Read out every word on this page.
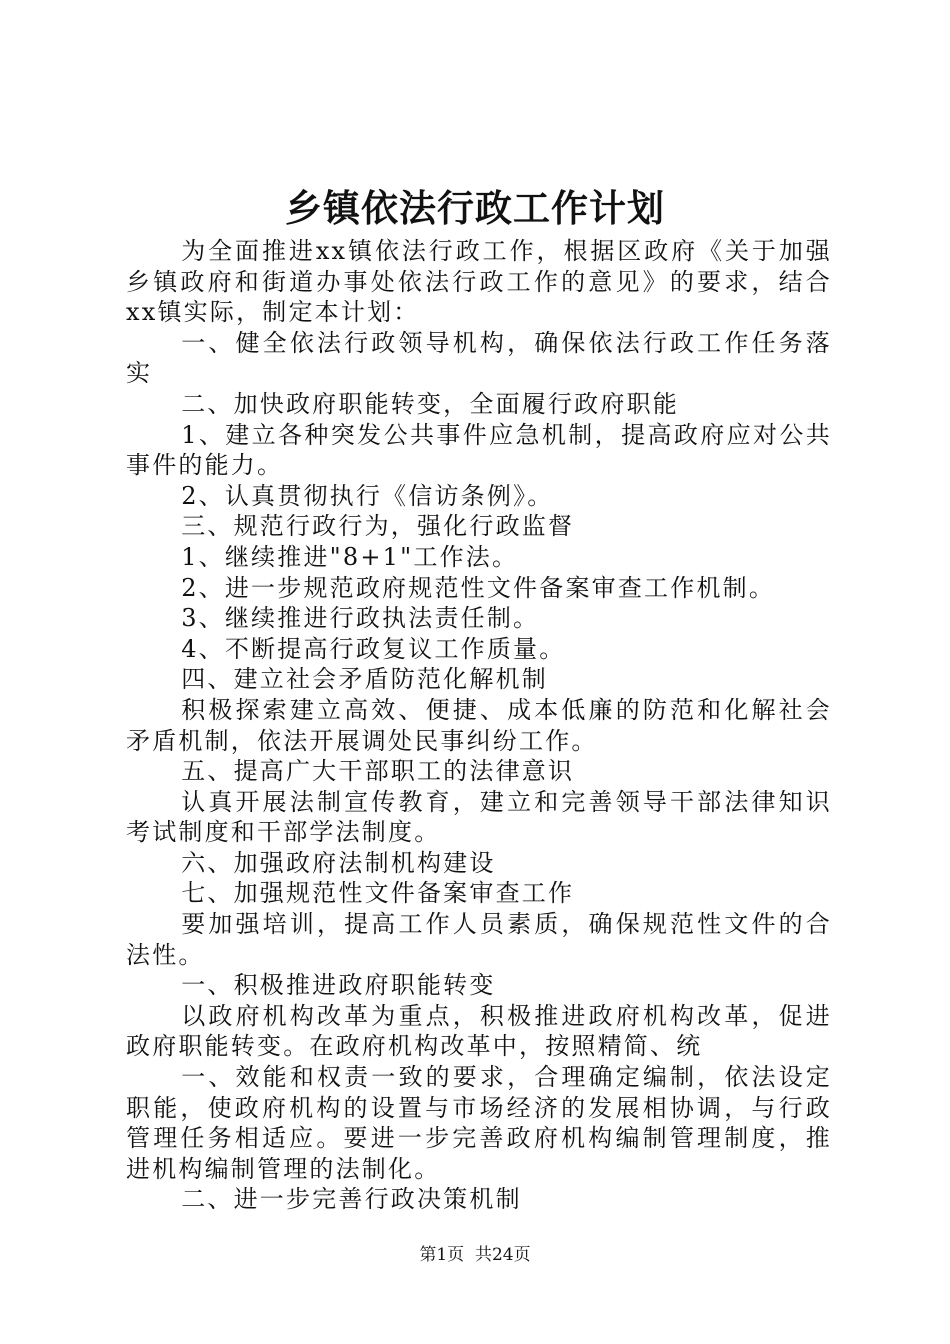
乡镇依法行政工作计划

为全面推进xx镇依法行政工作，根据区政府《关于加强乡镇政府和街道办事处依法行政工作的意见》的要求，结合xx镇实际，制定本计划：

一、健全依法行政领导机构，确保依法行政工作任务落实

二、加快政府职能转变，全面履行政府职能

1、建立各种突发公共事件应急机制，提高政府应对公共事件的能力。

2、认真贯彻执行《信访条例》。

三、规范行政行为，强化行政监督

1、继续推进"8+1"工作法。

2、进一步规范政府规范性文件备案审查工作机制。

3、继续推进行政执法责任制。

4、不断提高行政复议工作质量。

四、建立社会矛盾防范化解机制

积极探索建立高效、便捷、成本低廉的防范和化解社会矛盾机制，依法开展调处民事纠纷工作。

五、提高广大干部职工的法律意识

认真开展法制宣传教育，建立和完善领导干部法律知识考试制度和干部学法制度。

六、加强政府法制机构建设

七、加强规范性文件备案审查工作

要加强培训，提高工作人员素质，确保规范性文件的合法性。

一、积极推进政府职能转变

以政府机构改革为重点，积极推进政府机构改革，促进政府职能转变。在政府机构改革中，按照精简、统

一、效能和权责一致的要求，合理确定编制，依法设定职能，使政府机构的设置与市场经济的发展相协调，与行政管理任务相适应。要进一步完善政府机构编制管理制度，推进机构编制管理的法制化。

二、进一步完善行政决策机制

第1页  共24页
